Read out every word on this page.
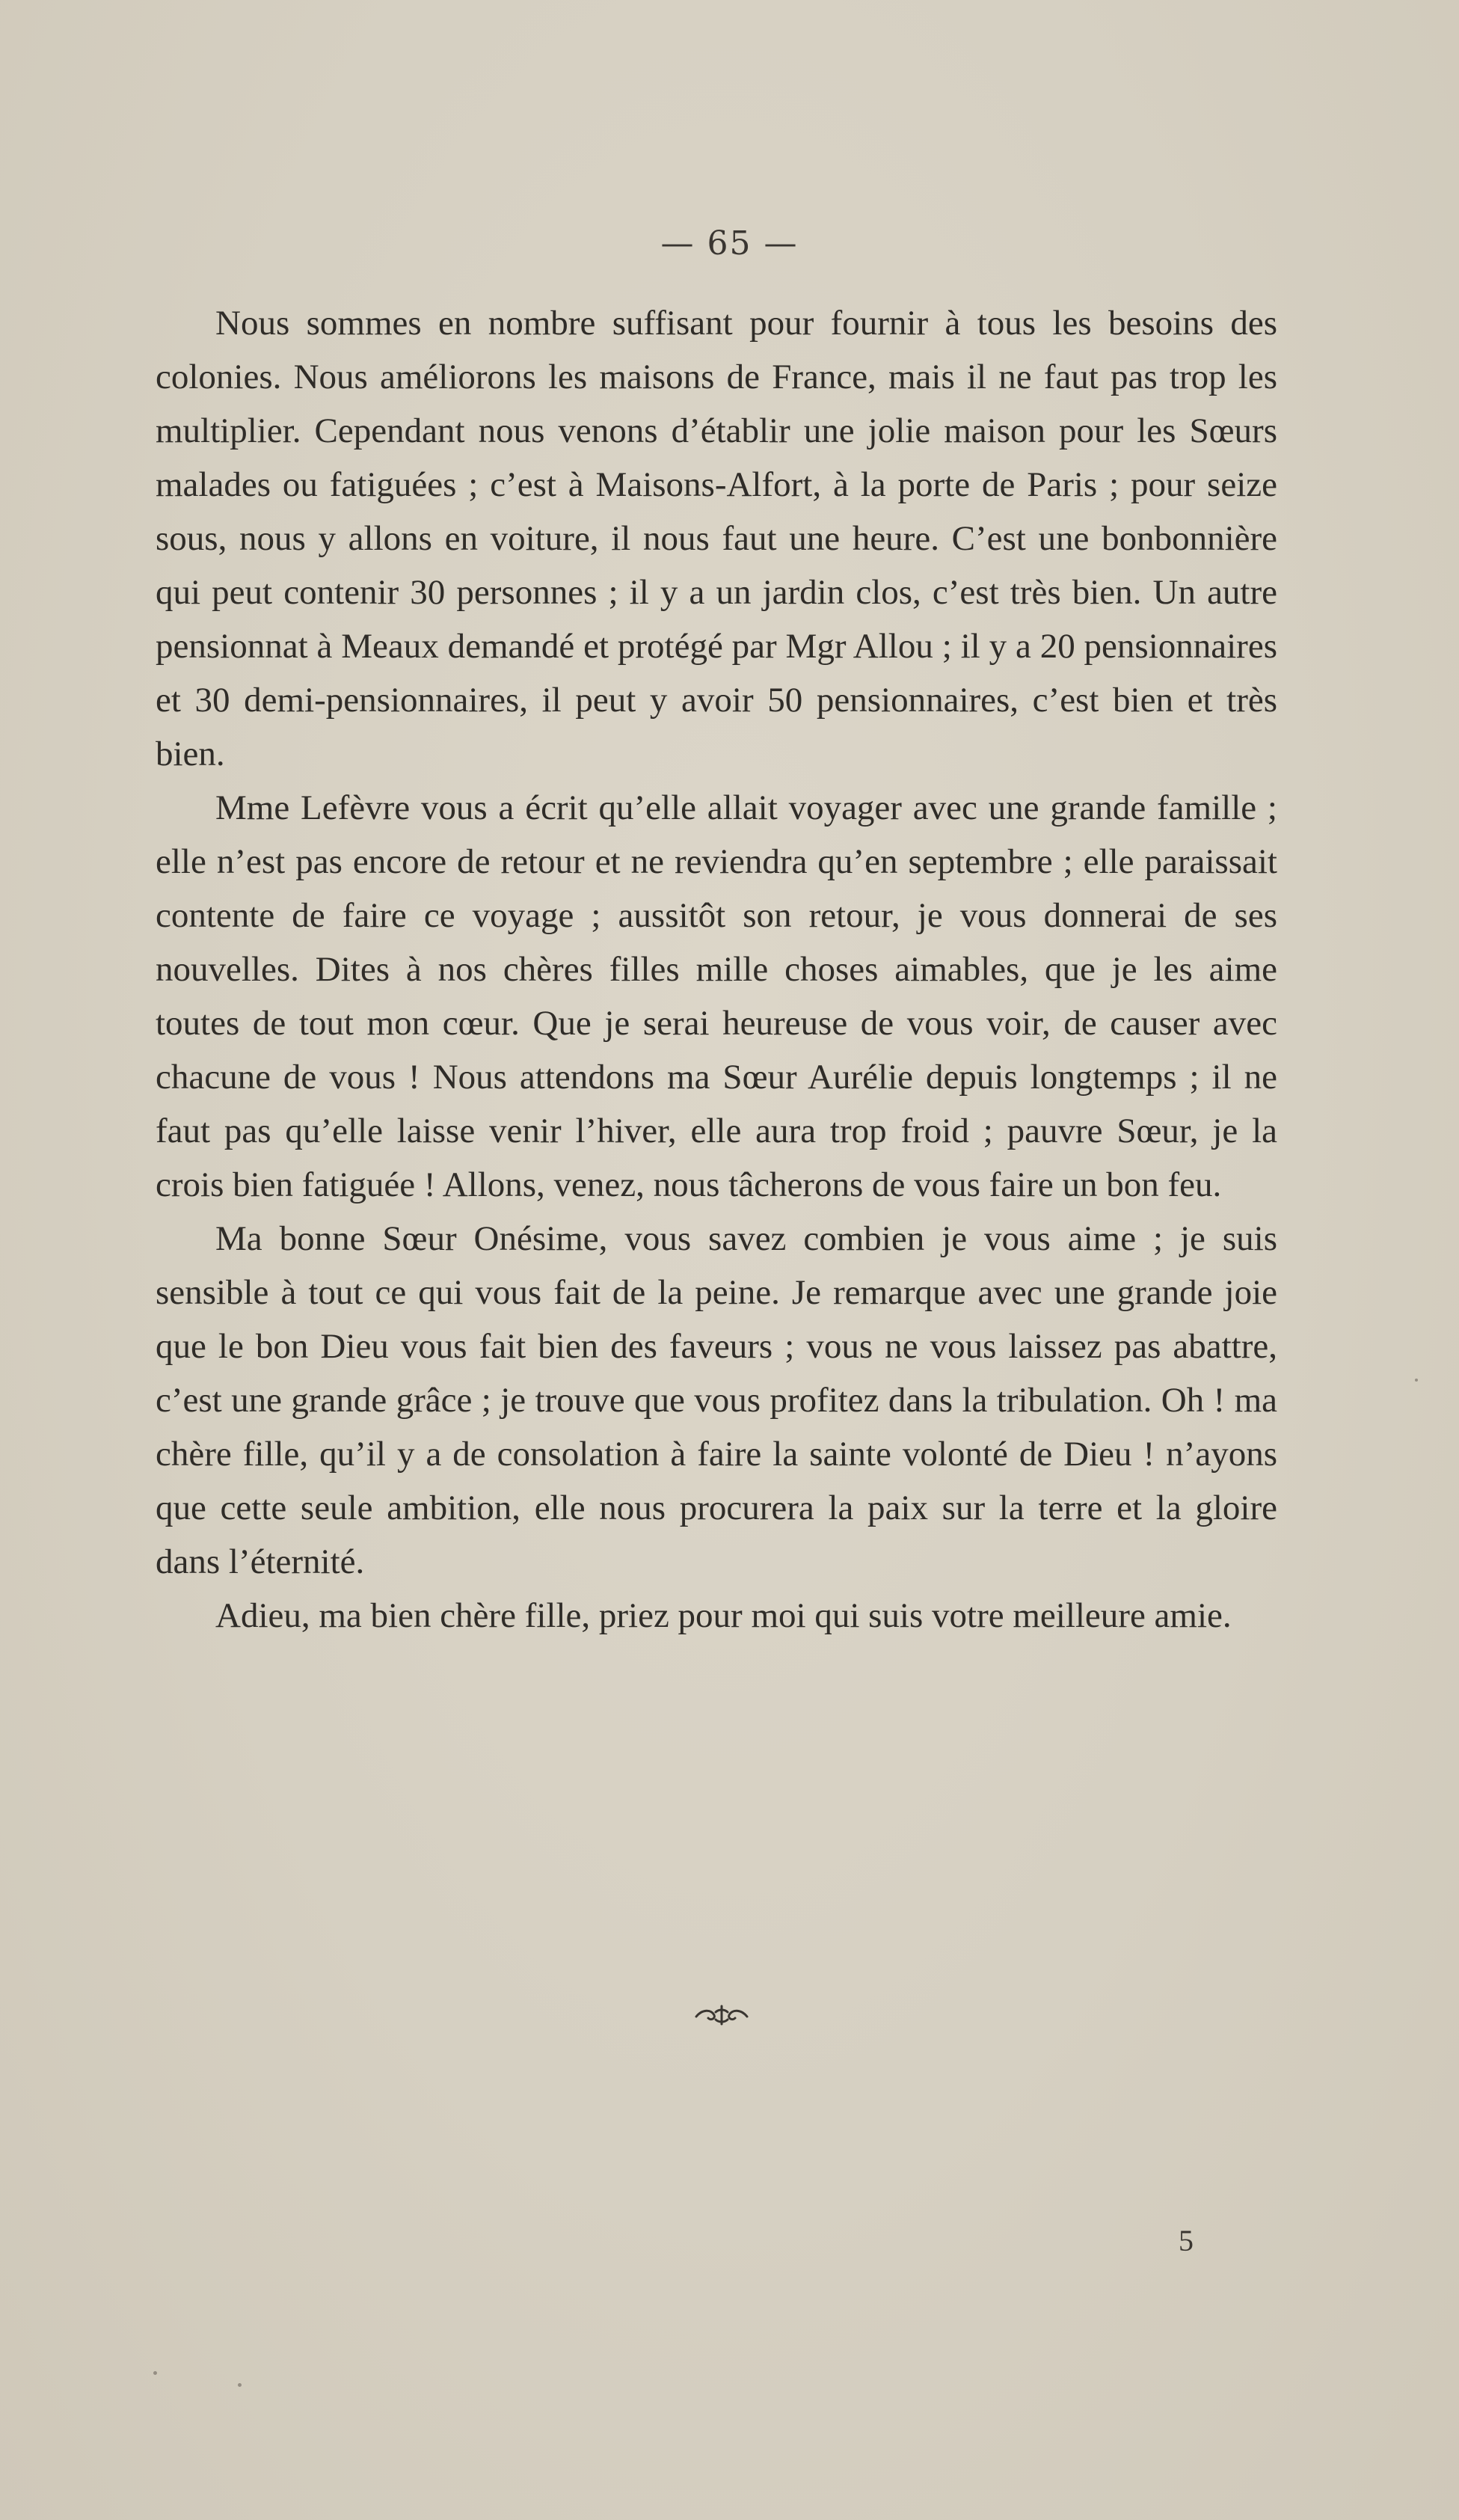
— 65 —

Nous sommes en nombre suffisant pour fournir à tous les besoins des colonies. Nous améliorons les maisons de France, mais il ne faut pas trop les multiplier. Cependant nous venons d’établir une jolie maison pour les Sœurs malades ou fatiguées ; c’est à Maisons-Alfort, à la porte de Paris ; pour seize sous, nous y allons en voiture, il nous faut une heure. C’est une bonbonnière qui peut contenir 30 personnes ; il y a un jardin clos, c’est très bien. Un autre pensionnat à Meaux demandé et protégé par Mgr Allou ; il y a 20 pensionnaires et 30 demi-pensionnaires, il peut y avoir 50 pensionnaires, c’est bien et très bien.

Mme Lefèvre vous a écrit qu’elle allait voyager avec une grande famille ; elle n’est pas encore de retour et ne reviendra qu’en septembre ; elle paraissait contente de faire ce voyage ; aussitôt son retour, je vous donnerai de ses nouvelles. Dites à nos chères filles mille choses aimables, que je les aime toutes de tout mon cœur. Que je serai heureuse de vous voir, de causer avec chacune de vous ! Nous attendons ma Sœur Aurélie depuis longtemps ; il ne faut pas qu’elle laisse venir l’hiver, elle aura trop froid ; pauvre Sœur, je la crois bien fatiguée ! Allons, venez, nous tâcherons de vous faire un bon feu.

Ma bonne Sœur Onésime, vous savez combien je vous aime ; je suis sensible à tout ce qui vous fait de la peine. Je remarque avec une grande joie que le bon Dieu vous fait bien des faveurs ; vous ne vous laissez pas abattre, c’est une grande grâce ; je trouve que vous profitez dans la tribulation. Oh ! ma chère fille, qu’il y a de consolation à faire la sainte volonté de Dieu ! n’ayons que cette seule ambition, elle nous procurera la paix sur la terre et la gloire dans l’éternité.

Adieu, ma bien chère fille, priez pour moi qui suis votre meilleure amie.

5
